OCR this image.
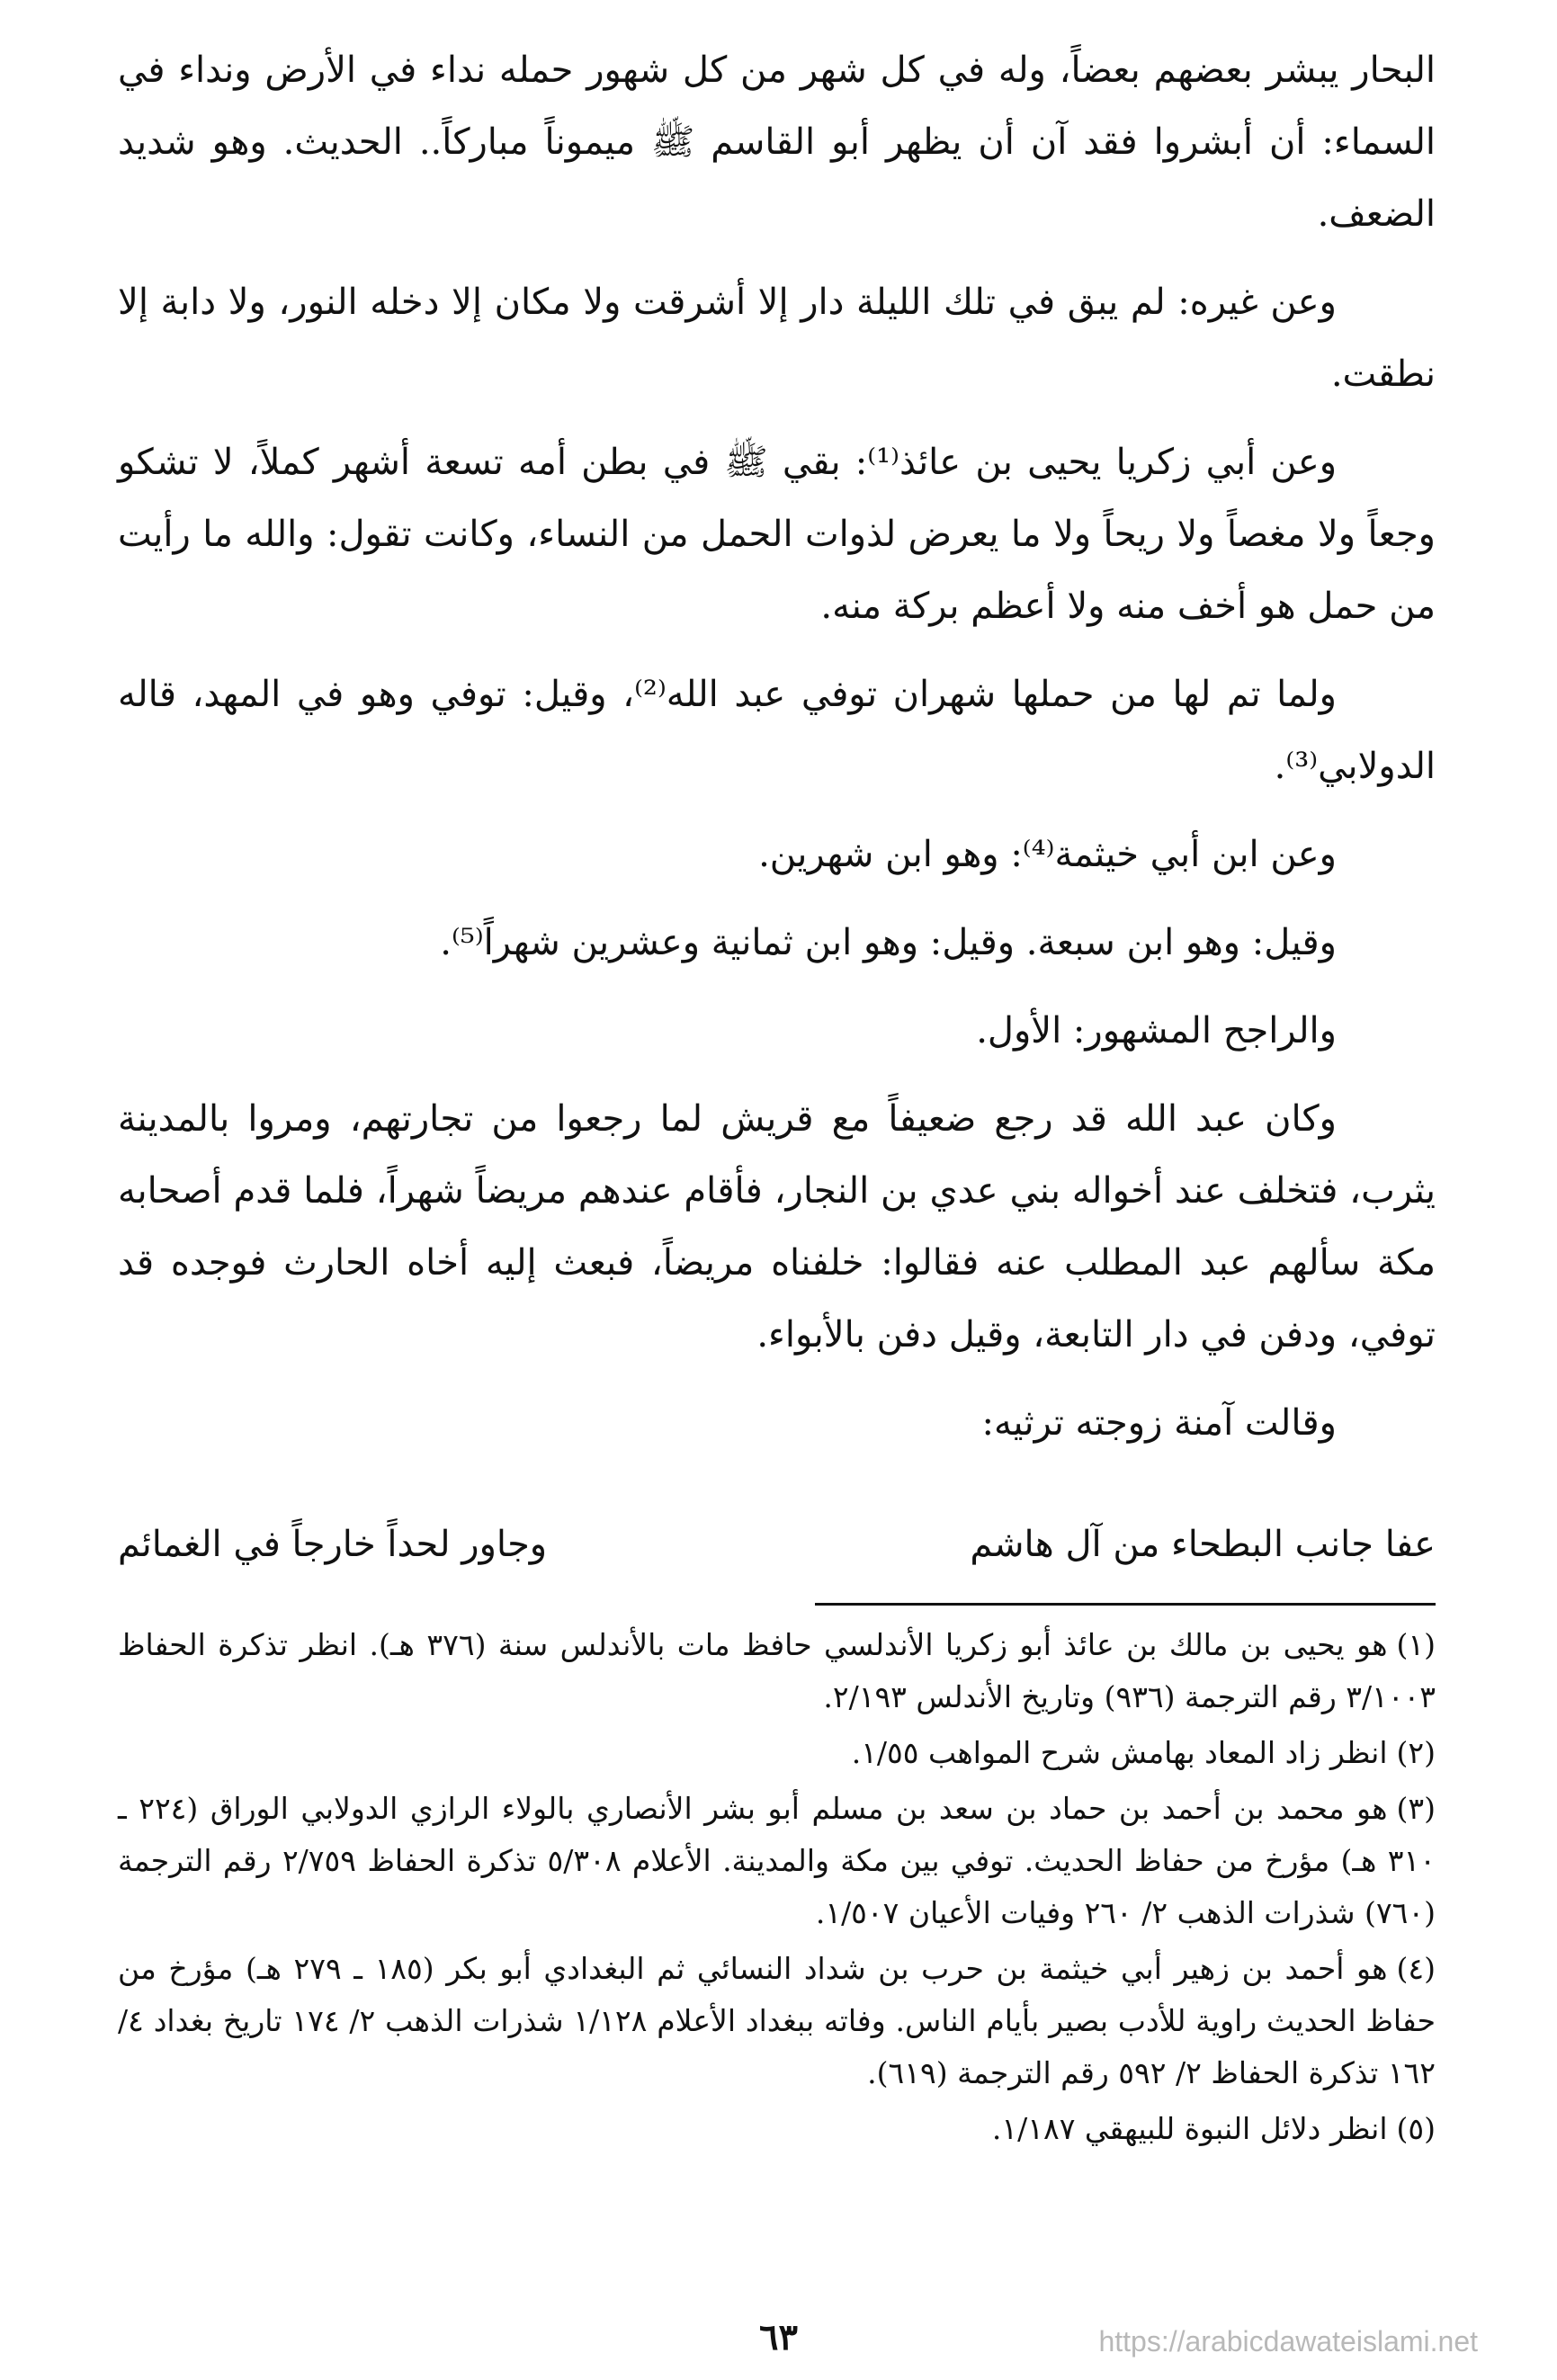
البحار يبشر بعضهم بعضاً، وله في كل شهر من كل شهور حمله نداء في الأرض ونداء في السماء: أن أبشروا فقد آن أن يظهر أبو القاسم ﷺ ميموناً مباركاً.. الحديث. وهو شديد الضعف.

وعن غيره: لم يبق في تلك الليلة دار إلا أشرقت ولا مكان إلا دخله النور، ولا دابة إلا نطقت.

وعن أبي زكريا يحيى بن عائذ⁽¹⁾: بقي ﷺ في بطن أمه تسعة أشهر كملاً، لا تشكو وجعاً ولا مغصاً ولا ريحاً ولا ما يعرض لذوات الحمل من النساء، وكانت تقول: والله ما رأيت من حمل هو أخف منه ولا أعظم بركة منه.

ولما تم لها من حملها شهران توفي عبد الله⁽²⁾، وقيل: توفي وهو في المهد، قاله الدولابي⁽³⁾.

وعن ابن أبي خيثمة⁽⁴⁾: وهو ابن شهرين.

وقيل: وهو ابن سبعة. وقيل: وهو ابن ثمانية وعشرين شهراً⁽⁵⁾.

والراجح المشهور: الأول.

وكان عبد الله قد رجع ضعيفاً مع قريش لما رجعوا من تجارتهم، ومروا بالمدينة يثرب، فتخلف عند أخواله بني عدي بن النجار، فأقام عندهم مريضاً شهراً، فلما قدم أصحابه مكة سألهم عبد المطلب عنه فقالوا: خلفناه مريضاً، فبعث إليه أخاه الحارث فوجده قد توفي، ودفن في دار التابعة، وقيل دفن بالأبواء.

وقالت آمنة زوجته ترثيه:

عفا جانب البطحاء من آل هاشم
وجاور لحداً خارجاً في الغمائم

(١)هو يحيى بن مالك بن عائذ أبو زكريا الأندلسي حافظ مات بالأندلس سنة (٣٧٦ هـ). انظر تذكرة الحفاظ ٣/١٠٠٣ رقم الترجمة (٩٣٦) وتاريخ الأندلس ٢/١٩٣.

(٢)انظر زاد المعاد بهامش شرح المواهب ١/٥٥.

(٣)هو محمد بن أحمد بن حماد بن سعد بن مسلم أبو بشر الأنصاري بالولاء الرازي الدولابي الوراق (٢٢٤ ـ ٣١٠ هـ) مؤرخ من حفاظ الحديث. توفي بين مكة والمدينة. الأعلام ٥/٣٠٨ تذكرة الحفاظ ٢/٧٥٩ رقم الترجمة (٧٦٠) شذرات الذهب ٢/ ٢٦٠ وفيات الأعيان ١/٥٠٧.

(٤)هو أحمد بن زهير أبي خيثمة بن حرب بن شداد النسائي ثم البغدادي أبو بكر (١٨٥ ـ ٢٧٩ هـ) مؤرخ من حفاظ الحديث راوية للأدب بصير بأيام الناس. وفاته ببغداد الأعلام ١/١٢٨ شذرات الذهب ٢/ ١٧٤ تاريخ بغداد ٤/ ١٦٢ تذكرة الحفاظ ٢/ ٥٩٢ رقم الترجمة (٦١٩).

(٥)انظر دلائل النبوة للبيهقي ١/١٨٧.

٦٣	https://arabicdawateislami.net
